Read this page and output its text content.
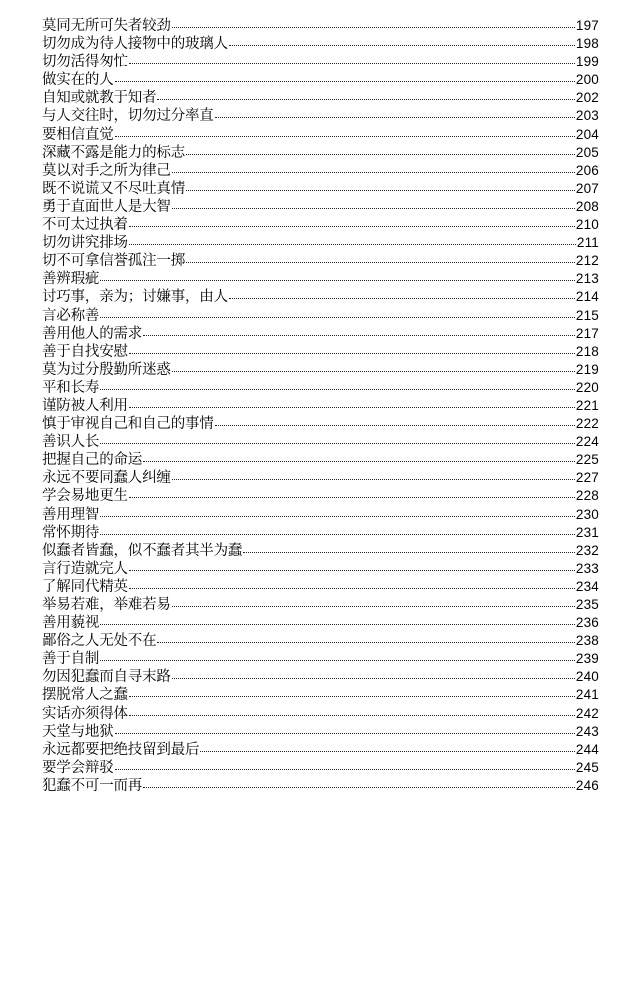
莫同无所可失者较劲	197
切勿成为待人接物中的玻璃人	198
切勿活得匆忙	199
做实在的人	200
自知或就教于知者	202
与人交往时，切勿过分率直	203
要相信直觉	204
深藏不露是能力的标志	205
莫以对手之所为律己	206
既不说谎又不尽吐真情	207
勇于直面世人是大智	208
不可太过执着	210
切勿讲究排场	211
切不可拿信誉孤注一掷	212
善辨瑕疵	213
讨巧事，亲为；讨嫌事，由人	214
言必称善	215
善用他人的需求	217
善于自找安慰	218
莫为过分殷勤所迷惑	219
平和长寿	220
谨防被人利用	221
慎于审视自己和自己的事情	222
善识人长	224
把握自己的命运	225
永远不要同蠢人纠缠	227
学会易地更生	228
善用理智	230
常怀期待	231
似蠢者皆蠢，似不蠢者其半为蠢	232
言行造就完人	233
了解同代精英	234
举易若难，举难若易	235
善用藐视	236
鄙俗之人无处不在	238
善于自制	239
勿因犯蠢而自寻末路	240
摆脱常人之蠢	241
实话亦须得体	242
天堂与地狱	243
永远都要把绝技留到最后	244
要学会辩驳	245
犯蠢不可一而再	246
